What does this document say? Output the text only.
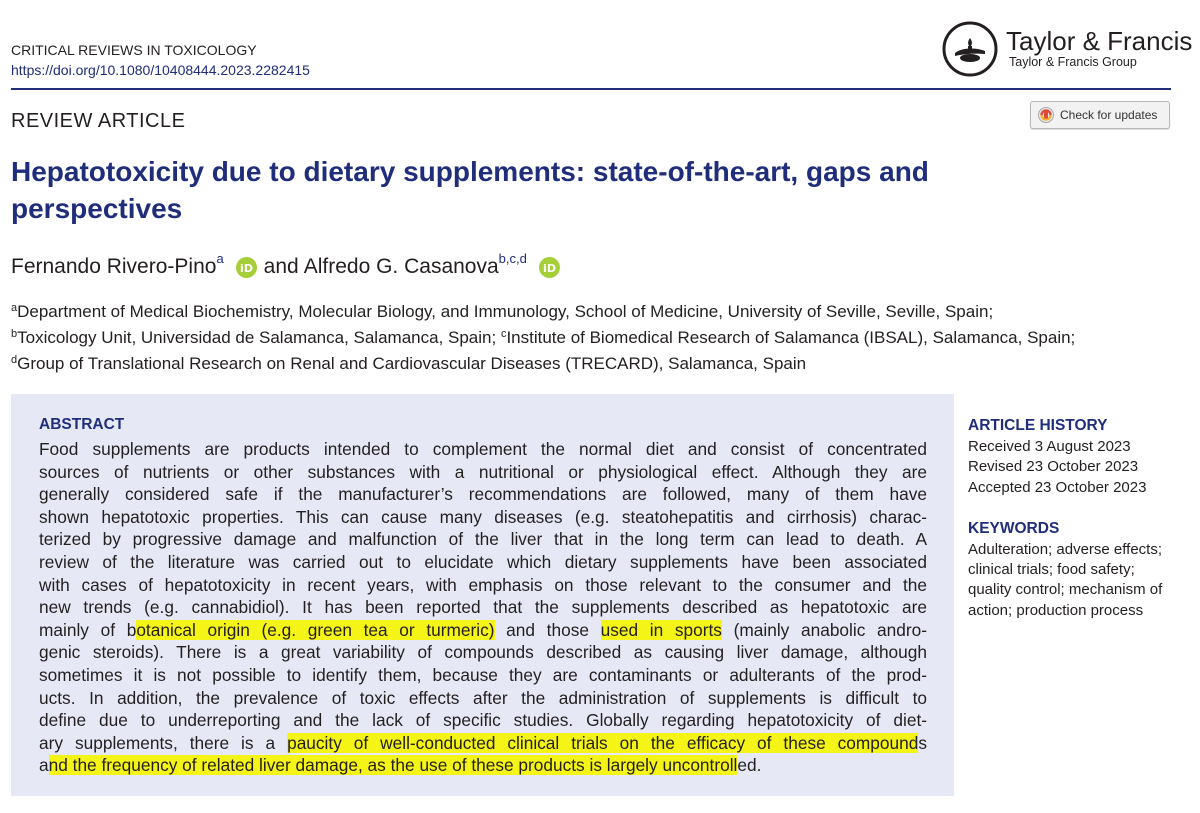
CRITICAL REVIEWS IN TOXICOLOGY
https://doi.org/10.1080/10408444.2023.2282415
Taylor & Francis
Taylor & Francis Group
REVIEW ARTICLE	Check for updates
Hepatotoxicity due to dietary supplements: state-of-the-art, gaps and perspectives
Fernando Rivero-Pino$^a$
iD and Alfredo G. Casanova$^{b,c,d}$
iD
$^a$Department of Medical Biochemistry, Molecular Biology, and Immunology, School of Medicine, University of Seville, Seville, Spain;
$^b$Toxicology Unit, Universidad de Salamanca, Salamanca, Spain; $^c$Institute of Biomedical Research of Salamanca (IBSAL), Salamanca, Spain;
$^d$Group of Translational Research on Renal and Cardiovascular Diseases (TRECARD), Salamanca, Spain
ABSTRACT
Food supplements are products intended to complement the normal diet and consist of concentrated
sources of nutrients or other substances with a nutritional or physiological effect. Although they are
generally considered safe if the manufacturer’s recommendations are followed, many of them have
shown hepatotoxic properties. This can cause many diseases (e.g. steatohepatitis and cirrhosis) charac-
terized by progressive damage and malfunction of the liver that in the long term can lead to death. A
review of the literature was carried out to elucidate which dietary supplements have been associated
with cases of hepatotoxicity in recent years, with emphasis on those relevant to the consumer and the
new trends (e.g. cannabidiol). It has been reported that the supplements described as hepatotoxic are
mainly of botanical origin (e.g. green tea or turmeric) and those used in sports (mainly anabolic andro-
genic steroids). There is a great variability of compounds described as causing liver damage, although
sometimes it is not possible to identify them, because they are contaminants or adulterants of the prod-
ucts. In addition, the prevalence of toxic effects after the administration of supplements is difficult to
define due to underreporting and the lack of specific studies. Globally regarding hepatotoxicity of diet-
ary supplements, there is a paucity of well-conducted clinical trials on the efficacy of these compounds
and the frequency of related liver damage, as the use of these products is largely uncontrolled.
ARTICLE HISTORY
Received 3 August 2023
Revised 23 October 2023
Accepted 23 October 2023
KEYWORDS
Adulteration; adverse effects; clinical trials; food safety; quality control; mechanism of action; production process
